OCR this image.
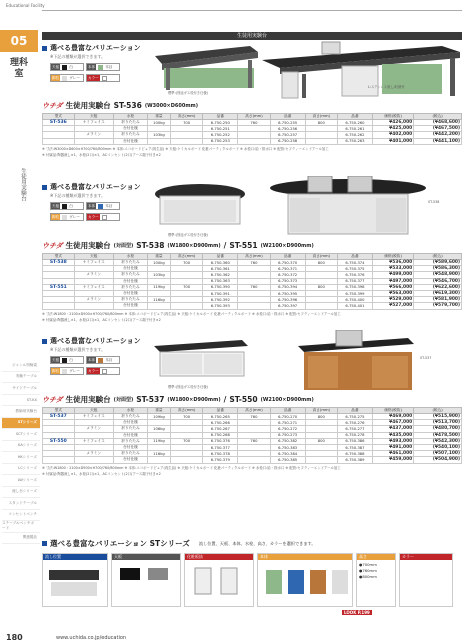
Educational Facility
05
理科室
生徒用実験台
ジャンル別検索
実験テーブル
サイドテーブル
ST-KX
教師用実験台
STシリーズ
SCTシリーズ
KAシリーズ
HKシリーズ
LCシリーズ
LWシリーズ
流し台シリーズ
スタンドテーブル
コンセントベンチ
ステーブルベンチボード
関連製品
生徒用実験台
選べる豊富なバリエーション
※下記の種類が選択できます。
天板	白	本体	木目
脚柱	グレー カラー
標準:(別途ガス栓付き仕様)
L:ステンレス流し/収納付
ウチダ 生徒用実験台 ST-536 (W3000×D600mm)
型式	天板	水栓	重量	高さ(mm)	品番	高さ(mm)	品番	高さ(mm)	品番	価格(税抜)	(税込)
ST-536	ケミフェイス	折りたたみ	100kg	700	6-750-250	760	6-750-255	800	6-750-260	¥426,000	(¥468,600)
		台付仕様			6-750-251		6-750-256		6-750-261	¥425,000	(¥467,500)
	メラミン	折りたたみ	103kg		6-750-252		6-750-257		6-750-262	¥402,000	(¥442,200)
		台付仕様			6-750-253		6-750-258		6-750-263	¥401,000	(¥441,100)
※ 寸法:W3000×D600×H700/760/800mm ※ 本体:エコボードピュア(再生品) ※ 天板:ケミカルボード 化粧パーティクルボード ※ 水栓口:給・排水口 ※ 配管:セフティーエンドアール加工
※ 付属品:陶器流し×1、水栓(2口)×1、ACコンセント(2口)アース端子付き×2
選べる豊富なバリエーション
※下記の種類が選択できます。
天板	白	本体	木目
脚柱	グレー カラー
標準:(別途ガス栓付き仕様)
ST-538
ウチダ 生徒用実験台 (対面型) ST-538 (W1800×D900mm) / ST-551 (W2100×D900mm)
型式	天板	水栓	重量	高さ(mm)	品番	高さ(mm)	品番	高さ(mm)	品番	価格(税抜)	(税込)
ST-538	ケミフェイス	折りたたみ	100kg	700	6-750-360	760	6-750-370	800	6-750-374	¥536,000	(¥589,600)
		台付仕様			6-750-361		6-750-371		6-750-375	¥533,000	(¥586,300)
	メラミン	折りたたみ	103kg		6-750-362		6-750-372		6-750-376	¥499,000	(¥548,900)
		台付仕様			6-750-363		6-750-373		6-750-377	¥497,000	(¥546,700)
ST-551	ケミフェイス	折りたたみ	119kg	700	6-750-390	760	6-750-394	800	6-750-398	¥566,000	(¥622,600)
		台付仕様			6-750-391		6-750-395		6-750-399	¥563,000	(¥619,300)
	メラミン	折りたたみ	116kg		6-750-392		6-750-396		6-750-400	¥529,000	(¥581,900)
		台付仕様			6-750-393		6-750-397		6-750-401	¥527,000	(¥579,700)
※ 寸法:W1800・2100×D900×H700/760/800mm ※ 本体:エコボードピュア(再生品) ※ 天板:ケミカルボード 化粧パーティクルボード ※ 水栓口:給・排水口 ※ 配管:セフティーエンドアール加工
※ 付属品:陶器流し×1、水栓(2口)×1、ACコンセント(2口)アース端子付き×2
選べる豊富なバリエーション
※下記の種類が選択できます。
天板	白	本体	木目
脚柱	グレー カラー
標準:(別途ガス栓付き仕様)
ST-537
ウチダ 生徒用実験台 (対面型) ST-537 (W1800×D900mm) / ST-550 (W2100×D900mm)
型式	天板	水栓	重量	高さ(mm)	品番	高さ(mm)	品番	高さ(mm)	品番	価格(税抜)	(税込)
ST-537	ケミフェイス	折りたたみ	109kg	700	6-750-265	760	6-750-270	800	6-750-275	¥469,000	(¥515,900)
		台付仕様			6-750-266		6-750-271		6-750-276	¥467,000	(¥513,700)
	メラミン	折りたたみ	106kg		6-750-267		6-750-272		6-750-277	¥437,000	(¥480,700)
		台付仕様			6-750-268		6-750-273		6-750-278	¥435,000	(¥478,500)
ST-550	ケミフェイス	折りたたみ	119kg	700	6-750-376	760	6-750-382	800	6-750-386	¥493,000	(¥542,300)
		台付仕様			6-750-377		6-750-383		6-750-387	¥491,000	(¥540,100)
	メラミン	折りたたみ	116kg		6-750-378		6-750-384		6-750-388	¥461,000	(¥507,100)
		台付仕様			6-750-379		6-750-385		6-750-389	¥459,000	(¥504,900)
※ 寸法:W1800・2100×D900×H700/760/800mm ※ 本体:エコボードピュア(再生品) ※ 天板:ケミカルボード 化粧パーティクルボード ※ 水栓口:給・排水口 ※ 配管:セフティーエンドアール加工
※ 付属品:陶器流し×1、水栓(2口)×1、ACコンセント(2口)アース端子付き×2
選べる豊富なバリエーション STシリーズ 流し位置、天板、本体、水栓、高さ、カラーを選択できます。
流し位置	天板	化粧板抜	本体	高さ
●700mm
●760mm
●800mm
カラー
LOOK P.199
180	www.uchida.co.jp/education
